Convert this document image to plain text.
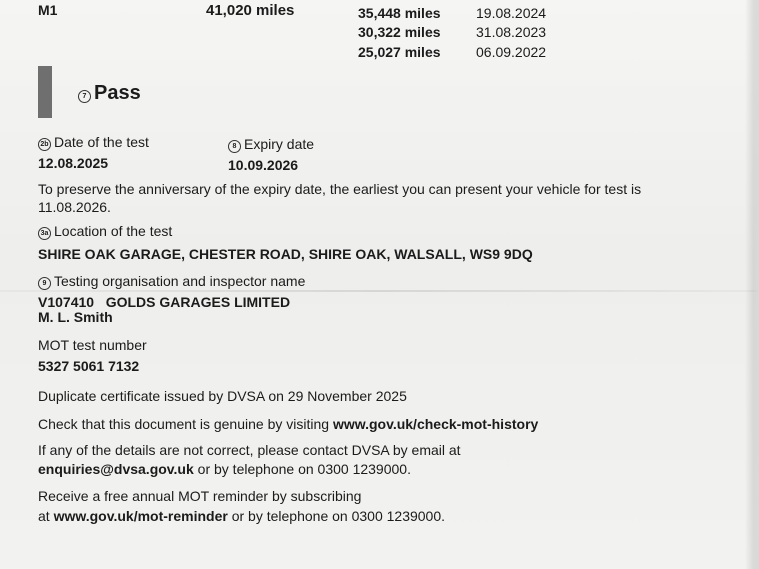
M1	41,020 miles	35,448 miles	19.08.2024
30,322 miles	31.08.2023
25,027 miles	06.09.2022
7 Pass
2b Date of the test
12.08.2025
8 Expiry date
10.09.2026
To preserve the anniversary of the expiry date, the earliest you can present your vehicle for test is
11.08.2026.
3a Location of the test
SHIRE OAK GARAGE, CHESTER ROAD, SHIRE OAK, WALSALL, WS9 9DQ
9 Testing organisation and inspector name
V107410   GOLDS GARAGES LIMITED
M. L. Smith
MOT test number
5327 5061 7132
Duplicate certificate issued by DVSA on 29 November 2025
Check that this document is genuine by visiting www.gov.uk/check-mot-history
If any of the details are not correct, please contact DVSA by email at
enquiries@dvsa.gov.uk or by telephone on 0300 1239000.
Receive a free annual MOT reminder by subscribing
at www.gov.uk/mot-reminder or by telephone on 0300 1239000.
